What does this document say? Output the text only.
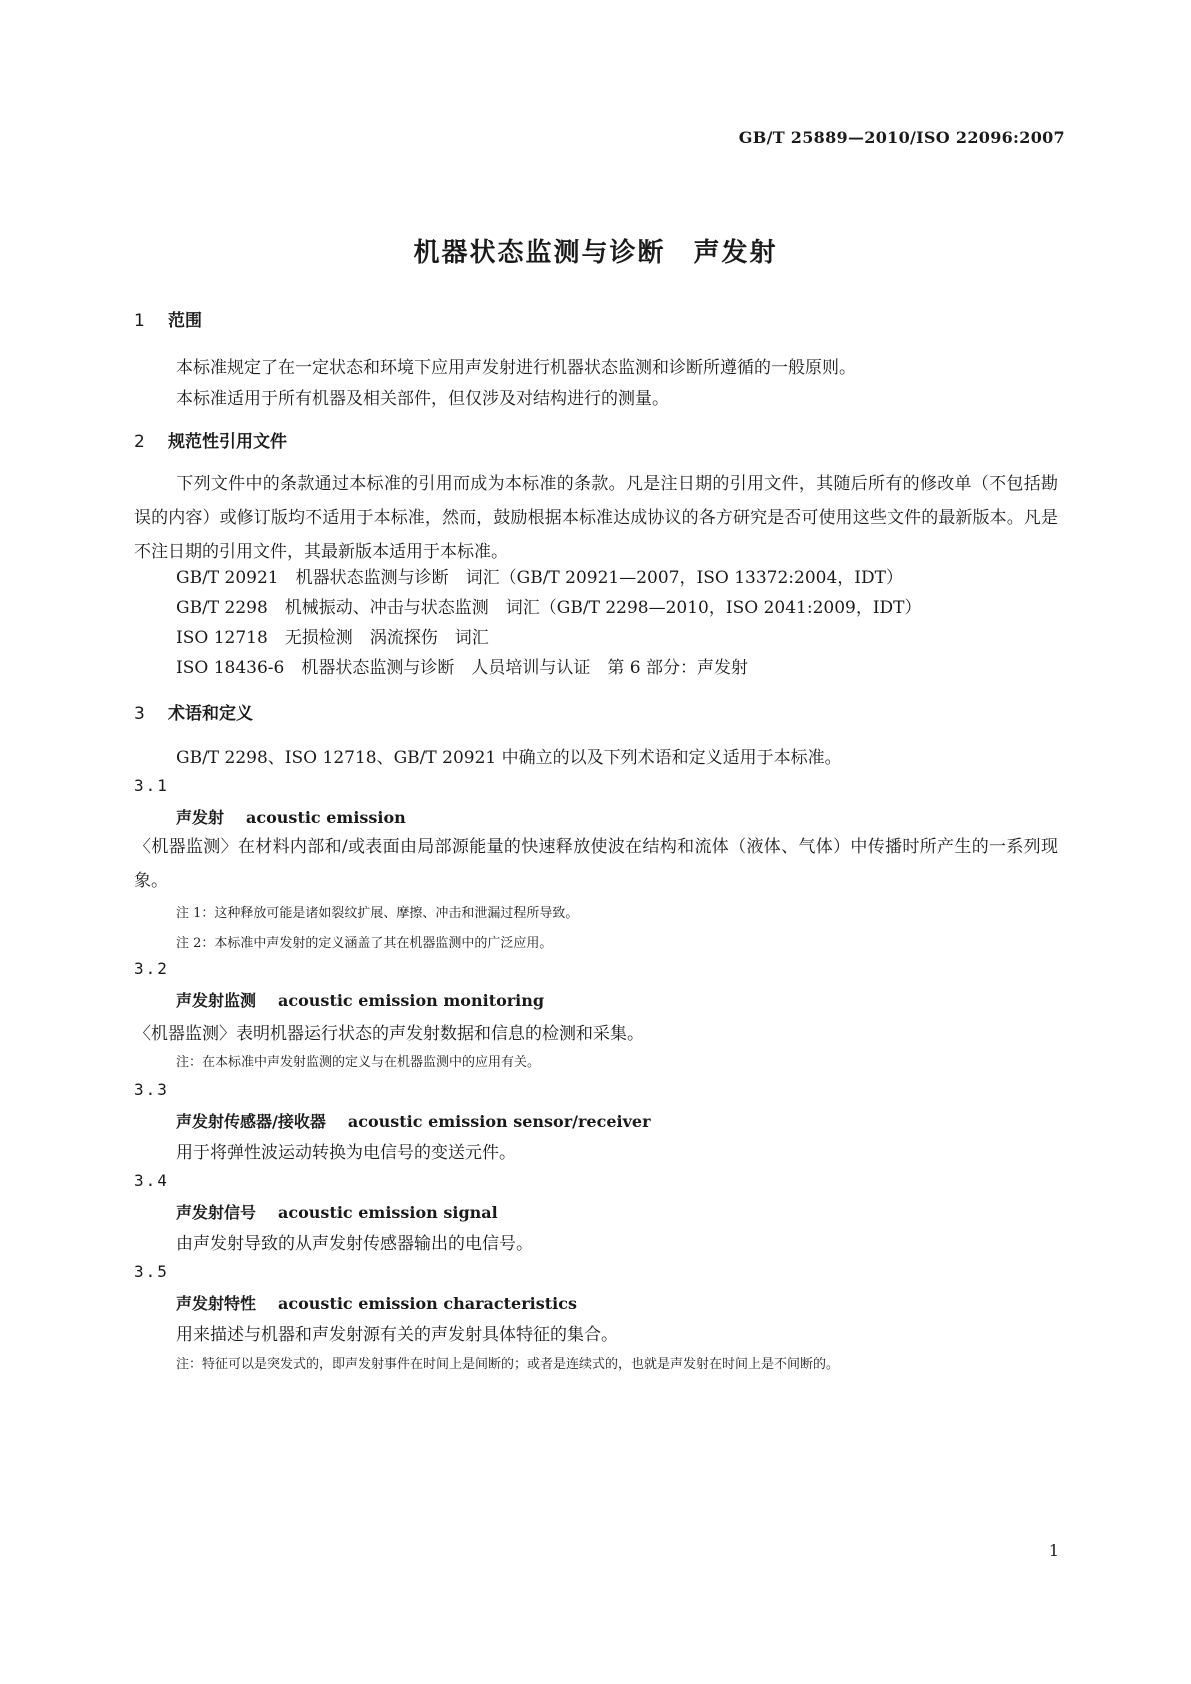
GB/T 25889—2010/ISO 22096:2007
机器状态监测与诊断　声发射
1 范围
本标准规定了在一定状态和环境下应用声发射进行机器状态监测和诊断所遵循的一般原则。
本标准适用于所有机器及相关部件，但仅涉及对结构进行的测量。
2 规范性引用文件
下列文件中的条款通过本标准的引用而成为本标准的条款。凡是注日期的引用文件，其随后所有的修改单（不包括勘误的内容）或修订版均不适用于本标准，然而，鼓励根据本标准达成协议的各方研究是否可使用这些文件的最新版本。凡是不注日期的引用文件，其最新版本适用于本标准。
GB/T 20921　机器状态监测与诊断　词汇（GB/T 20921—2007，ISO 13372:2004，IDT）
GB/T 2298　机械振动、冲击与状态监测　词汇（GB/T 2298—2010，ISO 2041:2009，IDT）
ISO 12718　无损检测　涡流探伤　词汇
ISO 18436-6　机器状态监测与诊断　人员培训与认证　第 6 部分：声发射
3 术语和定义
GB/T 2298、ISO 12718、GB/T 20921 中确立的以及下列术语和定义适用于本标准。
3.1
声发射 acoustic emission
〈机器监测〉在材料内部和/或表面由局部源能量的快速释放使波在结构和流体（液体、气体）中传播时所产生的一系列现象。
注 1：这种释放可能是诸如裂纹扩展、摩擦、冲击和泄漏过程所导致。
注 2：本标准中声发射的定义涵盖了其在机器监测中的广泛应用。
3.2
声发射监测 acoustic emission monitoring
〈机器监测〉表明机器运行状态的声发射数据和信息的检测和采集。
注：在本标准中声发射监测的定义与在机器监测中的应用有关。
3.3
声发射传感器/接收器 acoustic emission sensor/receiver
用于将弹性波运动转换为电信号的变送元件。
3.4
声发射信号 acoustic emission signal
由声发射导致的从声发射传感器输出的电信号。
3.5
声发射特性 acoustic emission characteristics
用来描述与机器和声发射源有关的声发射具体特征的集合。
注：特征可以是突发式的，即声发射事件在时间上是间断的；或者是连续式的，也就是声发射在时间上是不间断的。
1
